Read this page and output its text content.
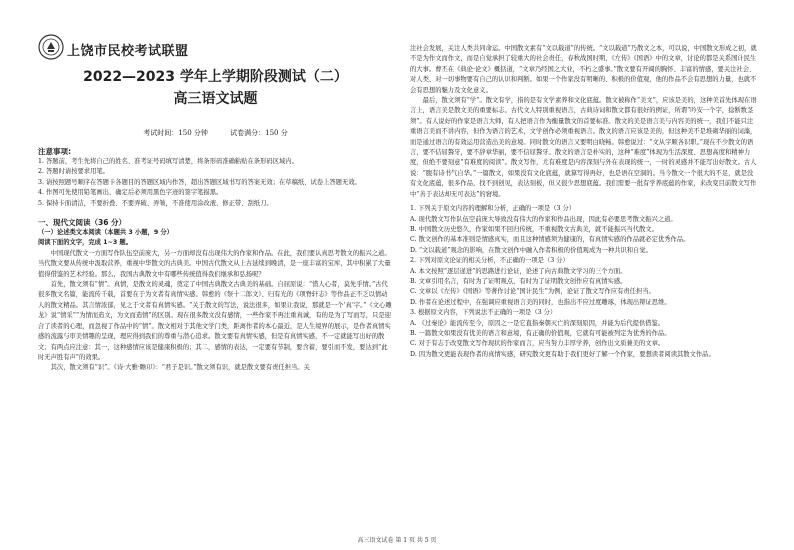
上饶市民校考试联盟
2022—2023 学年上学期阶段测试（二）
高三语文试题
考试时间：150 分钟	试卷满分：150 分
注意事项:

1. 答题前，考生先将自己的姓名、准考证号码填写清楚，将条形码准确粘贴在条形码区域内。

2. 答题时请按要求用笔。

3. 请按照题号顺序在答题卡各题目的答题区域内作答，超出答题区域书写的答案无效；在草稿纸、试卷上答题无效。

4. 作图可先使用铅笔画出，确定后必须用黑色字迹的签字笔描黑。

5. 保持卡面清洁，不要折叠、不要弄破、弄皱，不准使用涂改液、修正带、刮纸刀。

一、现代文阅读（36 分）

（一）论述类文本阅读（本题共 3 小题，9 分）

阅读下面的文字，完成 1~3 题。

中国现代散文一方面写作队伍空前庞大，另一方面却没有出现伟大的作家和作品。在此，我们要认真思考散文的振兴之道。当代散文要从传统中汲取营养，重视中华散文的古典美。中国古代散文从上古延续到晚清，是一座丰富的宝库，其中积累了大量值得借鉴的艺术经验。那么，我国古典散文中有哪些传统值得我们继承和弘扬呢？

首先，散文须有“情”。真情，是散文的灵魂，奠定了中国古典散文古典美的基础。自屈原说：“惜人心者，莫先乎情。”古代很多散文名篇，能流传千载，首要在于为文者有真情实感。韩愈的《祭十二郎文》、归有光的《项脊轩志》等作品正不乏以情动人的散文精品。其言情浓郁，见之于文者有真情实感。“关于散文的写法，说法很多，如果让我说，那就是一个‘真’字。”《文心雕龙》说“情采”“为情而造文，为文而造情”的区别。现在很多散文没有感情，一些作家不再注重真诚，有的是为了写而写，只是迎合了读者的心理，而忽视了作品中的“情”。散文相对于其他文学门类，距离作者的本心最近，是人生境界的展示，是作者真情实感的流露与审美情趣的呈现，理应得到我们的尊重与潜心追求。散文要有真情实感，但是有真情实感，不一定就能写出好的散文；有两点应注意：其一，这种感情应该是健康积极的；其二，感情的表达，一定要有节制，要含蓄，要引而不发，要达到“此时无声胜有声”的效果。

其次，散文须有“识”。《诗·大雅·瞻卬》：“君子是识。”散文须有识，就是散文要有责任担当。关

注社会发展，关注人类共同命运。中国散文素有“文以载道”的传统。“文以载道”乃散文之本，可以说，中国散文形成之初，就不是为作文而作文，而是自觉承担了较重大的社会责任，春秋战国时期，《左传》《国语》中的文章，讨论的都是关系国计民生的大事。曹丕在《典论·论文》概括道，“文章乃经国之大业，不朽之盛事。”散文要有开阔的胸怀、丰富的情感，要关注社会、对人类、对一切事物要有自己的认识和判断。如果一个作家没有明晰的、积极的价值观，他的作品不会有思想的力量，也就不会有思想的魅力及文化意义。

最后，散文须有“学”。散文有学，指的是有文学素养和文化底蕴。散文被称作“美文”，应该是美的，这种美首先体现在语言上，语言美是散文美的重要标志。古代文人特别重视语言，古典诗词和散文都有很好的例证，所谓“吟安一个字，捻断数茎须”。有人说好的作家是语言大师，有人把语言作为衡量散文的首要标准。散文的美是语言美与内容美的统一，我们不能只注重语言美而不讲内容，但作为语言的艺术，文学创作必须重视语言。散文的语言应该是美的，但这种美不是堆砌华丽的词藻，而是通过语言的有效运用营造出美的意境。同时散文的语言又要明白晓畅。韩愈说过：“文从字顺各识职。”现在不少散文的语言，要不佶屈聱牙，要不辞章华丽，要不信屈聱牙。散文的语言是朴实的，这种“难度”体现为生活深度、思想高度和精神力度，但绝不要刻意“有难度的阅读”。散文写作，尤有难度是内容深刻与外在表现的统一，一时的灵感并不能写出好散文。古人说：“腹有诗书气自华。”一篇散文，如果没有文化底蕴，就算写得再好，也是语在空洞的。当今散文一个很大的不足，就是没有文化底蕴，很多作品，找不到创见，表达刻板，但又很少思想底蕴。我们需要一批有学养底蕴的作家，来改变目前散文写作中“善于表达却无可表达”的窘境。

1. 下列关于原文内容的理解和分析，正确的一项是（3 分）

A. 现代散文写作队伍空前庞大导致没有伟大的作家和作品出现，因此有必要思考散文振兴之道。

B. 中国散文历史悠久，作家如果不回归传统，不重视散文古典美，就不能振兴当代散文。

C. 散文创作的基本准则是情感真实，而且这种情感须为健康的，有真情实感的作品就必定优秀作品。

D. “文以载道”观念的影响，在散文创作中融入作者积极的价值观成为一种共识和自觉。

2. 下列对原文论证的相关分析，不正确的一项是（3 分）

A. 本文按照“逐层递进”的思路进行论证，论述了向古典散文学习的三个方面。

B. 文章引用名言，有时为了证明观点，有时为了证明散文创作应有真情实感。

C. 文章以《左传》《国语》等著作讨论“国计民生”为例，论证了散文写作应有责任担当。

D. 作者在论述过程中，在强调应重视语言美的同时，也指出不应过度雕琢，体现出辩证思维。

3. 根据原文内容，下列说法不正确的一项是（3 分）

A. 《过秦论》能流传至今，原因之一是它直指秦朝灭亡的深刻原因，并能为后代提供借鉴。

B. 一篇散文如果没有优美的语言和意境，有正确的价值观，它就有可能被列定为优秀的作品。

C. 对于有志于改变散文写作现状的作家而言，应当努力丰厚学养，创作出文质兼美的文章。

D. 因为散文更能表现作者的真情实感，研究散文更有助于我们更好了解一个作家，要想读者阅读其散文作品。

高三语文试卷 第 1 页 共 5 页
